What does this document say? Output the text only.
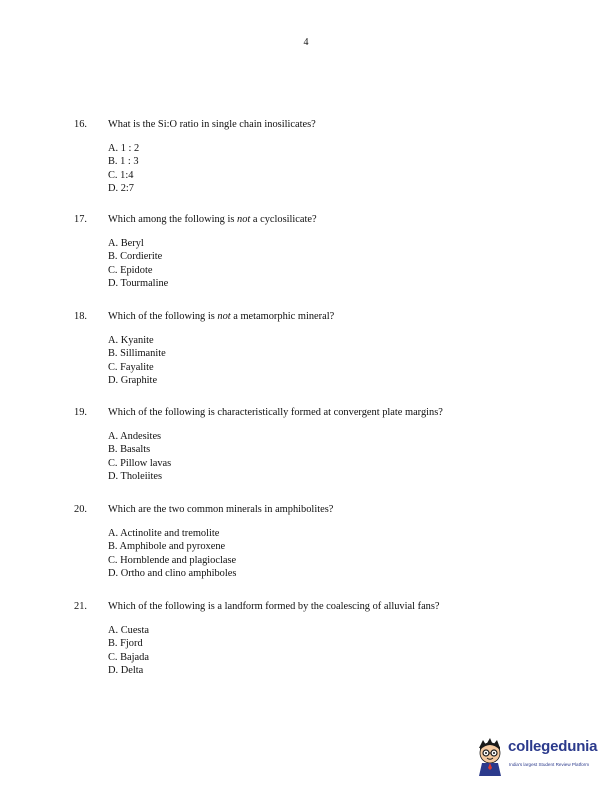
4
16.	What is the Si:O ratio in single chain inosilicates?
A. 1 : 2
B. 1 : 3
C. 1:4
D. 2:7
17.	Which among the following is not a cyclosilicate?
A. Beryl
B. Cordierite
C. Epidote
D. Tourmaline
18.	Which of the following is not a metamorphic mineral?
A. Kyanite
B. Sillimanite
C. Fayalite
D. Graphite
19.	Which of the following is characteristically formed at convergent plate margins?
A. Andesites
B. Basalts
C. Pillow lavas
D. Tholeiites
20.	Which are the two common minerals in amphibolites?
A. Actinolite and tremolite
B. Amphibole and pyroxene
C. Hornblende and plagioclase
D. Ortho and clino amphiboles
21.	Which of the following is a landform formed by the coalescing of alluvial fans?
A. Cuesta
B. Fjord
C. Bajada
D. Delta
collegedunia
India's largest Student Review Platform
